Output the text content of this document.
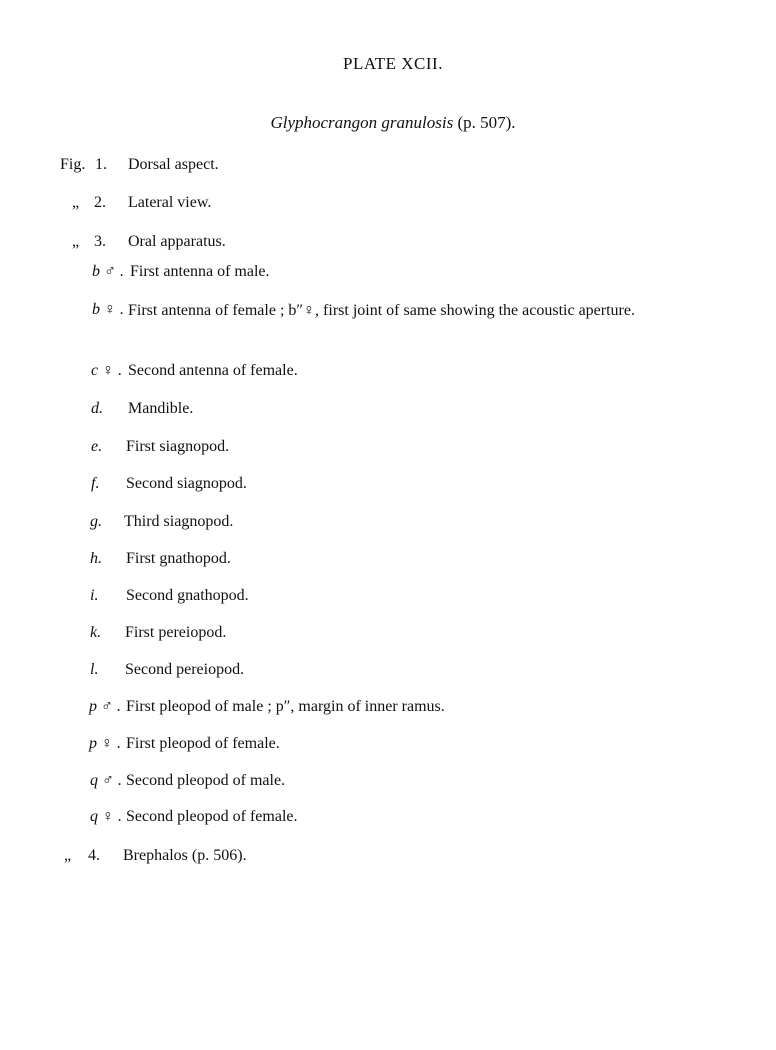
PLATE XCII.
Glyphocrangon granulosis (p. 507).
Fig. 1. Dorsal aspect.
„ 2. Lateral view.
„ 3. Oral apparatus.
b ♂ . First antenna of male.
b ♀ . First antenna of female ; b″♀, first joint of same showing the acoustic aperture.
c ♀ . Second antenna of female.
d. Mandible.
e. First siagnopod.
f. Second siagnopod.
g. Third siagnopod.
h. First gnathopod.
i. Second gnathopod.
k. First pereiopod.
l. Second pereiopod.
p ♂ . First pleopod of male ; p″, margin of inner ramus.
p ♀ . First pleopod of female.
q ♂ . Second pleopod of male.
q ♀ . Second pleopod of female.
„ 4. Brephalos (p. 506).
